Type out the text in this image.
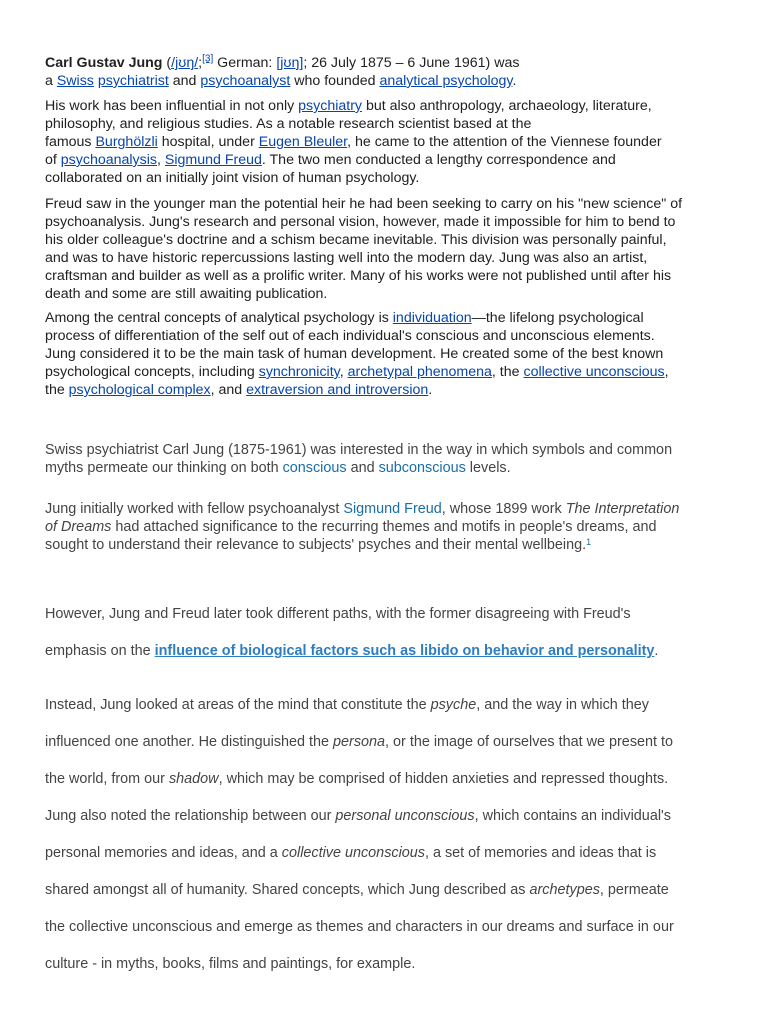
Carl Gustav Jung (/jʊŋ/;[3] German: [jʊŋ]; 26 July 1875 – 6 June 1961) was
a Swiss psychiatrist and psychoanalyst who founded analytical psychology.
His work has been influential in not only psychiatry but also anthropology, archaeology, literature,
philosophy, and religious studies. As a notable research scientist based at the
famous Burghölzli hospital, under Eugen Bleuler, he came to the attention of the Viennese founder
of psychoanalysis, Sigmund Freud. The two men conducted a lengthy correspondence and
collaborated on an initially joint vision of human psychology.
Freud saw in the younger man the potential heir he had been seeking to carry on his "new science" of
psychoanalysis. Jung's research and personal vision, however, made it impossible for him to bend to
his older colleague's doctrine and a schism became inevitable. This division was personally painful,
and was to have historic repercussions lasting well into the modern day. Jung was also an artist,
craftsman and builder as well as a prolific writer. Many of his works were not published until after his
death and some are still awaiting publication.
Among the central concepts of analytical psychology is individuation—the lifelong psychological
process of differentiation of the self out of each individual's conscious and unconscious elements.
Jung considered it to be the main task of human development. He created some of the best known
psychological concepts, including synchronicity, archetypal phenomena, the collective unconscious,
the psychological complex, and extraversion and introversion.
Swiss psychiatrist Carl Jung (1875-1961) was interested in the way in which symbols and common
myths permeate our thinking on both conscious and subconscious levels.
Jung initially worked with fellow psychoanalyst Sigmund Freud, whose 1899 work The Interpretation
of Dreams had attached significance to the recurring themes and motifs in people's dreams, and
sought to understand their relevance to subjects' psyches and their mental wellbeing.$^1$
However, Jung and Freud later took different paths, with the former disagreeing with Freud's
emphasis on the influence of biological factors such as libido on behavior and personality.
Instead, Jung looked at areas of the mind that constitute the psyche, and the way in which they
influenced one another. He distinguished the persona, or the image of ourselves that we present to
the world, from our shadow, which may be comprised of hidden anxieties and repressed thoughts.
Jung also noted the relationship between our personal unconscious, which contains an individual's
personal memories and ideas, and a collective unconscious, a set of memories and ideas that is
shared amongst all of humanity. Shared concepts, which Jung described as archetypes, permeate
the collective unconscious and emerge as themes and characters in our dreams and surface in our
culture - in myths, books, films and paintings, for example.
